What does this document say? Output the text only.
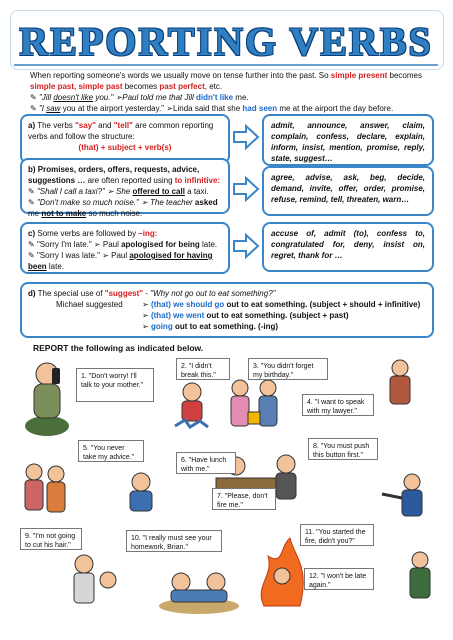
REPORTING VERBS
When reporting someone's words we usually move on tense further into the past. So simple present becomes simple past, simple past becomes past perfect, etc.
✎ "Jill doesn't like you." ➢Paul told me that Jill didn't like me.
✎ "I saw you at the airport yesterday." ➢Linda said that she had seen me at the airport the day before.
a) The verbs "say" and "tell" are common reporting verbs and follow the structure:
(that) + subject + verb(s)
admit, announce, answer, claim, complain, confess, declare, explain, inform, insist, mention, promise, reply, state, suggest…
b) Promises, orders, offers, requests, advice, suggestions … are often reported using to infinitive:
✎ "Shall I call a taxi?" ➢ She offered to call a taxi.
✎ "Don't make so much noise." ➢ The teacher asked me not to make so much noise.
agree, advise, ask, beg, decide, demand, invite, offer, order, promise, refuse, remind, tell, threaten, warn…
c) Some verbs are followed by –ing:
✎ "Sorry I'm late." ➢ Paul apologised for being late.
✎ "Sorry I was late." ➢ Paul apologised for having been late.
accuse of, admit (to), confess to, congratulated for, deny, insist on, regret, thank for …
d) The special use of "suggest" - "Why not go out to eat something?"
Michael suggested ➢ (that) we should go out to eat something. (subject + should + infinitive)
➢ (that) we went out to eat something. (subject + past)
➢ going out to eat something. (-ing)
REPORT the following as indicated below.
1. "Don't worry! I'll talk to your mother."
2. "I didn't break this."
3. "You didn't forget my birthday."
4. "I want to speak with my lawyer."
5. "You never take my advice."	6. "Have lunch with me."
7. "Please, don't fire me."
8. "You must push this button first."
9. "I'm not going to cut his hair."
10. "I really must see your homework, Brian."
11. "You started the fire, didn't you?"
12. "I won't be late again."
